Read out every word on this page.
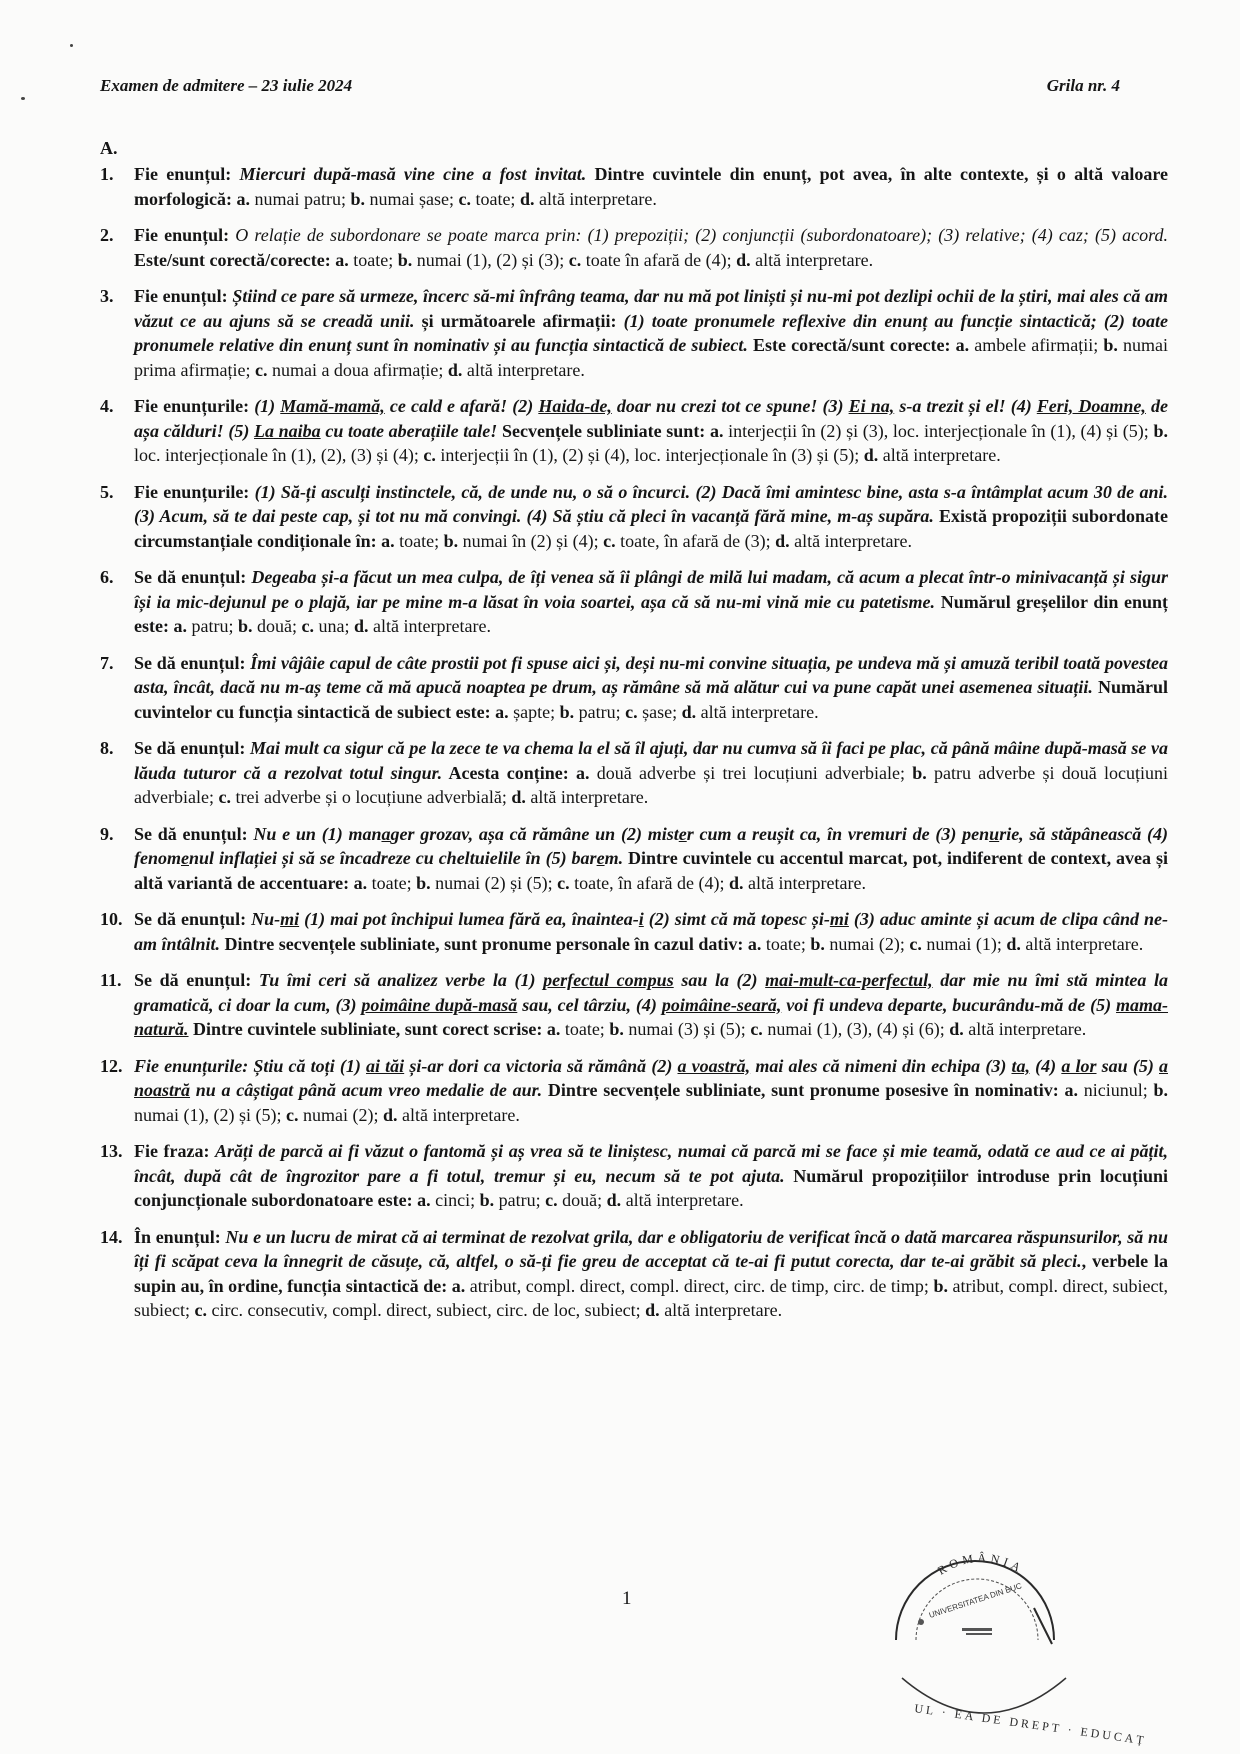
Examen de admitere – 23 iulie 2024	Grila nr. 4
A.
1.	Fie enunțul: Miercuri după-masă vine cine a fost invitat. Dintre cuvintele din enunț, pot avea, în alte contexte, și o altă valoare morfologică: a. numai patru; b. numai șase; c. toate; d. altă interpretare.
2.	Fie enunțul: O relație de subordonare se poate marca prin: (1) prepoziții; (2) conjuncții (subordonatoare); (3) relative; (4) caz; (5) acord. Este/sunt corectă/corecte: a. toate; b. numai (1), (2) și (3); c. toate în afară de (4); d. altă interpretare.
3.	Fie enunțul: Știind ce pare să urmeze, încerc să-mi înfrâng teama, dar nu mă pot liniști și nu-mi pot dezlipi ochii de la știri, mai ales că am văzut ce au ajuns să se creadă unii. și următoarele afirmații: (1) toate pronumele reflexive din enunț au funcție sintactică; (2) toate pronumele relative din enunț sunt în nominativ și au funcția sintactică de subiect. Este corectă/sunt corecte: a. ambele afirmații; b. numai prima afirmație; c. numai a doua afirmație; d. altă interpretare.
4.	Fie enunțurile: (1) Mamă-mamă, ce cald e afară! (2) Haida-de, doar nu crezi tot ce spune! (3) Ei na, s-a trezit și el! (4) Feri, Doamne, de așa călduri! (5) La naiba cu toate aberațiile tale! Secvențele subliniate sunt: a. interjecții în (2) și (3), loc. interjecționale în (1), (4) și (5); b. loc. interjecționale în (1), (2), (3) și (4); c. interjecții în (1), (2) și (4), loc. interjecționale în (3) și (5); d. altă interpretare.
5.	Fie enunțurile: (1) Să-ți asculți instinctele, că, de unde nu, o să o încurci. (2) Dacă îmi amintesc bine, asta s-a întâmplat acum 30 de ani. (3) Acum, să te dai peste cap, și tot nu mă convingi. (4) Să știu că pleci în vacanță fără mine, m-aș supăra. Există propoziții subordonate circumstanțiale condiționale în: a. toate; b. numai în (2) și (4); c. toate, în afară de (3); d. altă interpretare.
6.	Se dă enunțul: Degeaba și-a făcut un mea culpa, de îți venea să îi plângi de milă lui madam, că acum a plecat într-o minivacanță și sigur își ia mic-dejunul pe o plajă, iar pe mine m-a lăsat în voia soartei, așa că să nu-mi vină mie cu patetisme. Numărul greșelilor din enunț este: a. patru; b. două; c. una; d. altă interpretare.
7.	Se dă enunțul: Îmi vâjâie capul de câte prostii pot fi spuse aici și, deși nu-mi convine situația, pe undeva mă și amuză teribil toată povestea asta, încât, dacă nu m-aș teme că mă apucă noaptea pe drum, aș rămâne să mă alătur cui va pune capăt unei asemenea situații. Numărul cuvintelor cu funcția sintactică de subiect este: a. șapte; b. patru; c. șase; d. altă interpretare.
8.	Se dă enunțul: Mai mult ca sigur că pe la zece te va chema la el să îl ajuți, dar nu cumva să îi faci pe plac, că până mâine după-masă se va lăuda tuturor că a rezolvat totul singur. Acesta conține: a. două adverbe și trei locuțiuni adverbiale; b. patru adverbe și două locuțiuni adverbiale; c. trei adverbe și o locuțiune adverbială; d. altă interpretare.
9.	Se dă enunțul: Nu e un (1) manager grozav, așa că rămâne un (2) mister cum a reușit ca, în vremuri de (3) penurie, să stăpânească (4) fenomenul inflației și să se încadreze cu cheltuielile în (5) barem. Dintre cuvintele cu accentul marcat, pot, indiferent de context, avea și altă variantă de accentuare: a. toate; b. numai (2) și (5); c. toate, în afară de (4); d. altă interpretare.
10. Se dă enunțul: Nu-mi (1) mai pot închipui lumea fără ea, înaintea-i (2) simt că mă topesc și-mi (3) aduc aminte și acum de clipa când ne-am întâlnit. Dintre secvențele subliniate, sunt pronume personale în cazul dativ: a. toate; b. numai (2); c. numai (1); d. altă interpretare.
11. Se dă enunțul: Tu îmi ceri să analizez verbe la (1) perfectul compus sau la (2) mai-mult-ca-perfectul, dar mie nu îmi stă mintea la gramatică, ci doar la cum, (3) poimâine după-masă sau, cel târziu, (4) poimâine-seară, voi fi undeva departe, bucurându-mă de (5) mama-natură. Dintre cuvintele subliniate, sunt corect scrise: a. toate; b. numai (3) și (5); c. numai (1), (3), (4) și (6); d. altă interpretare.
12. Fie enunțurile: Știu că toți (1) ai tăi și-ar dori ca victoria să rămână (2) a voastră, mai ales că nimeni din echipa (3) ta, (4) a lor sau (5) a noastră nu a câștigat până acum vreo medalie de aur. Dintre secvențele subliniate, sunt pronume posesive în nominativ: a. niciunul; b. numai (1), (2) și (5); c. numai (2); d. altă interpretare.
13. Fie fraza: Arăți de parcă ai fi văzut o fantomă și aș vrea să te liniștesc, numai că parcă mi se face și mie teamă, odată ce aud ce ai pățit, încât, după cât de îngrozitor pare a fi totul, tremur și eu, necum să te pot ajuta. Numărul propozițiilor introduse prin locuțiuni conjuncționale subordonatoare este: a. cinci; b. patru; c. două; d. altă interpretare.
14. În enunțul: Nu e un lucru de mirat că ai terminat de rezolvat grila, dar e obligatoriu de verificat încă o dată marcarea răspunsurilor, să nu îți fi scăpat ceva la înnegrit de căsuțe, că, altfel, o să-ți fie greu de acceptat că te-ai fi putut corecta, dar te-ai grăbit să pleci., verbele la supin au, în ordine, funcția sintactică de: a. atribut, compl. direct, compl. direct, circ. de timp, circ. de timp; b. atribut, compl. direct, subiect, subiect; c. circ. consecutiv, compl. direct, subiect, circ. de loc, subiect; d. altă interpretare.
1
ROMÂNIA
UNIVERSITATEA DIN BUC
UL · EA DE DREPT · EDUCAȚ
